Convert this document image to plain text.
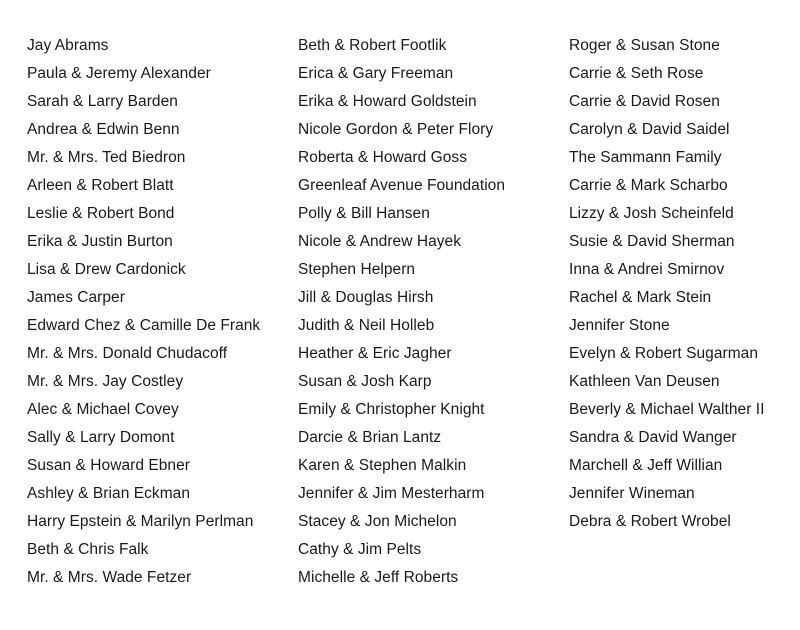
Jay Abrams
Paula & Jeremy Alexander
Sarah & Larry Barden
Andrea & Edwin Benn
Mr. & Mrs. Ted Biedron
Arleen & Robert Blatt
Leslie & Robert Bond
Erika & Justin Burton
Lisa & Drew Cardonick
James Carper
Edward Chez & Camille De Frank
Mr. & Mrs. Donald Chudacoff
Mr. & Mrs. Jay Costley
Alec & Michael Covey
Sally & Larry Domont
Susan & Howard Ebner
Ashley & Brian Eckman
Harry Epstein & Marilyn Perlman
Beth & Chris Falk
Mr. & Mrs. Wade Fetzer
Beth & Robert Footlik
Erica & Gary Freeman
Erika & Howard Goldstein
Nicole Gordon & Peter Flory
Roberta & Howard Goss
Greenleaf Avenue Foundation
Polly & Bill Hansen
Nicole & Andrew Hayek
Stephen Helpern
Jill & Douglas Hirsh
Judith & Neil Holleb
Heather & Eric Jagher
Susan & Josh Karp
Emily & Christopher Knight
Darcie & Brian Lantz
Karen & Stephen Malkin
Jennifer & Jim Mesterharm
Stacey & Jon Michelon
Cathy & Jim Pelts
Michelle & Jeff Roberts
Roger & Susan Stone
Carrie & Seth Rose
Carrie & David Rosen
Carolyn & David Saidel
The Sammann Family
Carrie & Mark Scharbo
Lizzy & Josh Scheinfeld
Susie & David Sherman
Inna & Andrei Smirnov
Rachel & Mark Stein
Jennifer Stone
Evelyn & Robert Sugarman
Kathleen Van Deusen
Beverly & Michael Walther II
Sandra & David Wanger
Marchell & Jeff Willian
Jennifer Wineman
Debra & Robert Wrobel
